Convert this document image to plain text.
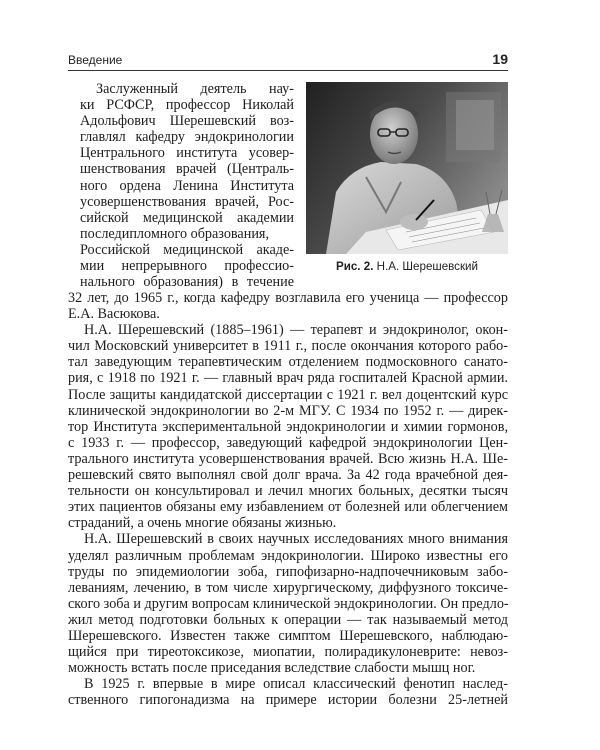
Введение	19
Заслуженный деятель нау-
ки РСФСР, профессор Николай
Адольфович Шерешевский воз-
главлял кафедру эндокринологии
Центрального института усовер-
шенствования врачей (Централь-
ного ордена Ленина Института
усовершенствования врачей, Рос-
сийской медицинской академии
последипломного образования,
Российской медицинской акаде-
мии непрерывного профессио-
нального образования) в течение
Рис. 2. Н.А. Шерешевский
32 лет, до 1965 г., когда кафедру возглавила его ученица — профессор
Е.А. Васюкова.
Н.А. Шерешевский (1885–1961) — терапевт и эндокринолог, окон-
чил Московский университет в 1911 г., после окончания которого рабо-
тал заведующим терапевтическим отделением подмосковного санато-
рия, с 1918 по 1921 г. — главный врач ряда госпиталей Красной армии.
После защиты кандидатской диссертации с 1921 г. вел доцентский курс
клинической эндокринологии во 2-м МГУ. С 1934 по 1952 г. — дирек-
тор Института экспериментальной эндокринологии и химии гормонов,
с 1933 г. — профессор, заведующий кафедрой эндокринологии Цен-
трального института усовершенствования врачей. Всю жизнь Н.А. Ше-
решевский свято выполнял свой долг врача. За 42 года врачебной дея-
тельности он консультировал и лечил многих больных, десятки тысяч
этих пациентов обязаны ему избавлением от болезней или облегчением
страданий, а очень многие обязаны жизнью.
Н.А. Шерешевский в своих научных исследованиях много внимания
уделял различным проблемам эндокринологии. Широко известны его
труды по эпидемиологии зоба, гипофизарно-надпочечниковым забо-
леваниям, лечению, в том числе хирургическому, диффузного токсиче-
ского зоба и другим вопросам клинической эндокринологии. Он предло-
жил метод подготовки больных к операции — так называемый метод
Шерешевского. Известен также симптом Шерешевского, наблюдаю-
щийся при тиреотоксикозе, миопатии, полирадикулоневрите: невоз-
можность встать после приседания вследствие слабости мышц ног.
В 1925 г. впервые в мире описал классический фенотип наслед-
ственного гипогонадизма на примере истории болезни 25-летней
